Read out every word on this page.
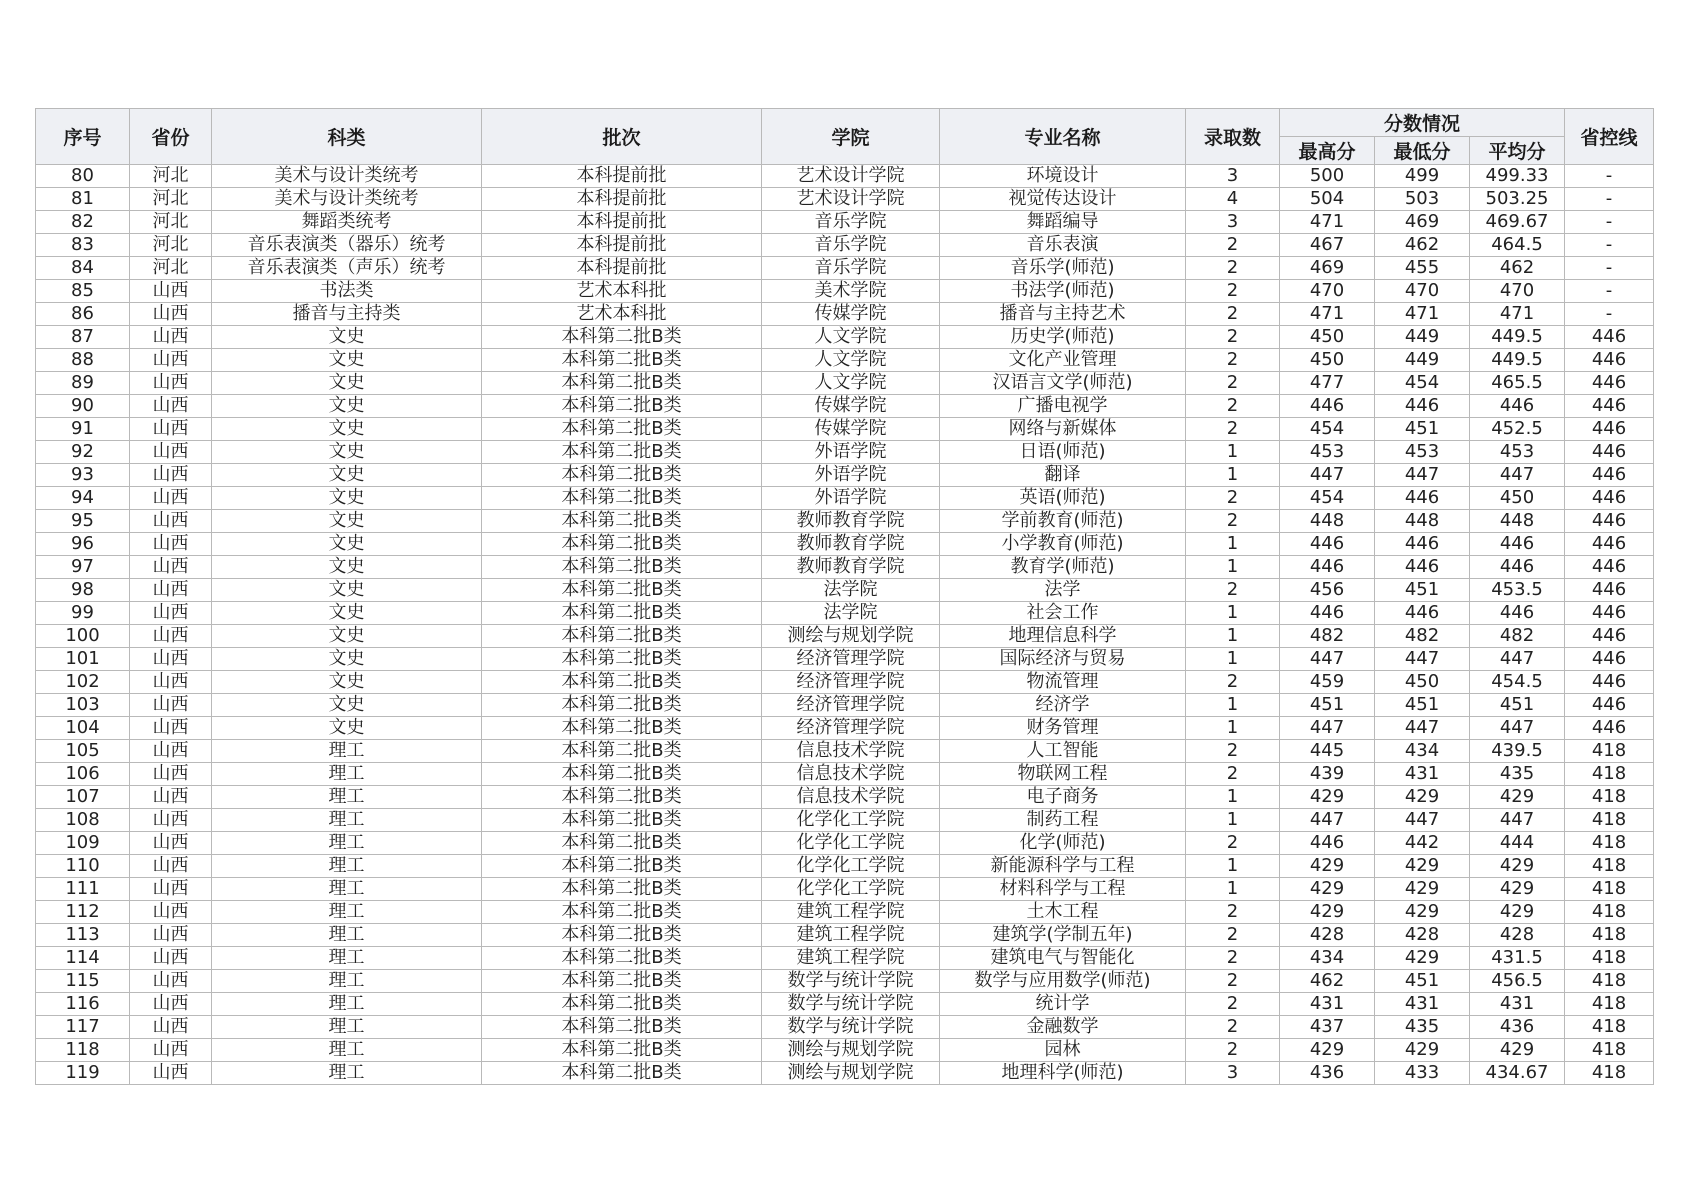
序号	省份	科类	批次	学院	专业名称	录取数	分数情况			省控线
							最高分	最低分	平均分	
80	河北	美术与设计类统考	本科提前批	艺术设计学院	环境设计	3	500	499	499.33	-
81	河北	美术与设计类统考	本科提前批	艺术设计学院	视觉传达设计	4	504	503	503.25	-
82	河北	舞蹈类统考	本科提前批	音乐学院	舞蹈编导	3	471	469	469.67	-
83	河北	音乐表演类（器乐）统考	本科提前批	音乐学院	音乐表演	2	467	462	464.5	-
84	河北	音乐表演类（声乐）统考	本科提前批	音乐学院	音乐学(师范)	2	469	455	462	-
85	山西	书法类	艺术本科批	美术学院	书法学(师范)	2	470	470	470	-
86	山西	播音与主持类	艺术本科批	传媒学院	播音与主持艺术	2	471	471	471	-
87	山西	文史	本科第二批B类	人文学院	历史学(师范)	2	450	449	449.5	446
88	山西	文史	本科第二批B类	人文学院	文化产业管理	2	450	449	449.5	446
89	山西	文史	本科第二批B类	人文学院	汉语言文学(师范)	2	477	454	465.5	446
90	山西	文史	本科第二批B类	传媒学院	广播电视学	2	446	446	446	446
91	山西	文史	本科第二批B类	传媒学院	网络与新媒体	2	454	451	452.5	446
92	山西	文史	本科第二批B类	外语学院	日语(师范)	1	453	453	453	446
93	山西	文史	本科第二批B类	外语学院	翻译	1	447	447	447	446
94	山西	文史	本科第二批B类	外语学院	英语(师范)	2	454	446	450	446
95	山西	文史	本科第二批B类	教师教育学院	学前教育(师范)	2	448	448	448	446
96	山西	文史	本科第二批B类	教师教育学院	小学教育(师范)	1	446	446	446	446
97	山西	文史	本科第二批B类	教师教育学院	教育学(师范)	1	446	446	446	446
98	山西	文史	本科第二批B类	法学院	法学	2	456	451	453.5	446
99	山西	文史	本科第二批B类	法学院	社会工作	1	446	446	446	446
100	山西	文史	本科第二批B类	测绘与规划学院	地理信息科学	1	482	482	482	446
101	山西	文史	本科第二批B类	经济管理学院	国际经济与贸易	1	447	447	447	446
102	山西	文史	本科第二批B类	经济管理学院	物流管理	2	459	450	454.5	446
103	山西	文史	本科第二批B类	经济管理学院	经济学	1	451	451	451	446
104	山西	文史	本科第二批B类	经济管理学院	财务管理	1	447	447	447	446
105	山西	理工	本科第二批B类	信息技术学院	人工智能	2	445	434	439.5	418
106	山西	理工	本科第二批B类	信息技术学院	物联网工程	2	439	431	435	418
107	山西	理工	本科第二批B类	信息技术学院	电子商务	1	429	429	429	418
108	山西	理工	本科第二批B类	化学化工学院	制药工程	1	447	447	447	418
109	山西	理工	本科第二批B类	化学化工学院	化学(师范)	2	446	442	444	418
110	山西	理工	本科第二批B类	化学化工学院	新能源科学与工程	1	429	429	429	418
111	山西	理工	本科第二批B类	化学化工学院	材料科学与工程	1	429	429	429	418
112	山西	理工	本科第二批B类	建筑工程学院	土木工程	2	429	429	429	418
113	山西	理工	本科第二批B类	建筑工程学院	建筑学(学制五年)	2	428	428	428	418
114	山西	理工	本科第二批B类	建筑工程学院	建筑电气与智能化	2	434	429	431.5	418
115	山西	理工	本科第二批B类	数学与统计学院	数学与应用数学(师范)	2	462	451	456.5	418
116	山西	理工	本科第二批B类	数学与统计学院	统计学	2	431	431	431	418
117	山西	理工	本科第二批B类	数学与统计学院	金融数学	2	437	435	436	418
118	山西	理工	本科第二批B类	测绘与规划学院	园林	2	429	429	429	418
119	山西	理工	本科第二批B类	测绘与规划学院	地理科学(师范)	3	436	433	434.67	418
